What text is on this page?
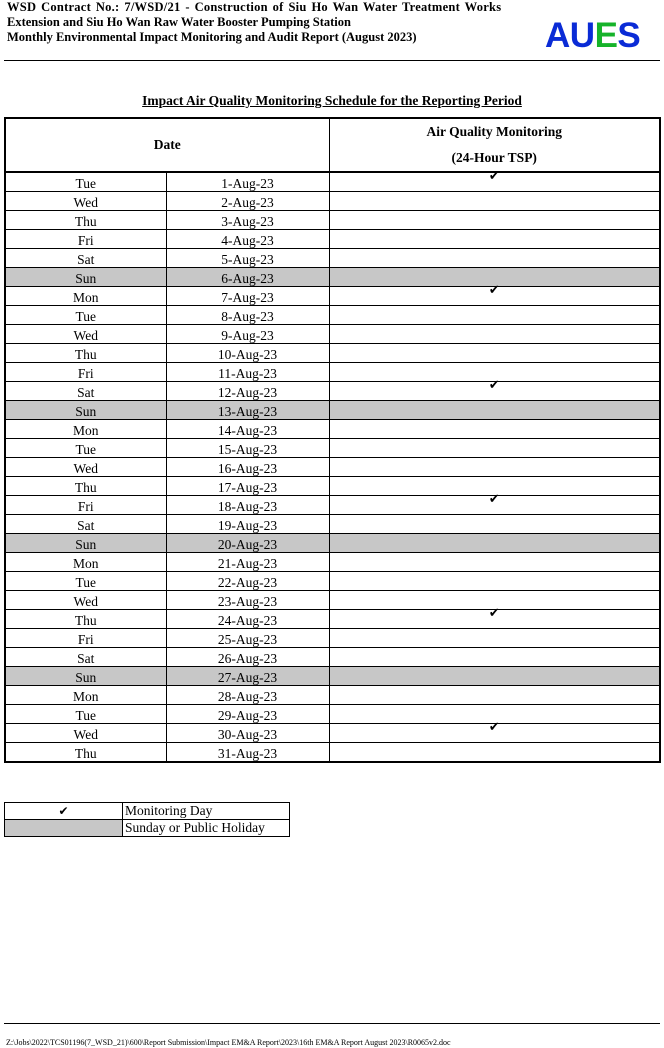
WSD Contract No.: 7/WSD/21 - Construction of Siu Ho Wan Water Treatment Works
Extension and Siu Ho Wan Raw Water Booster Pumping Station
Monthly Environmental Impact Monitoring and Audit Report (August 2023)	AUES
Impact Air Quality Monitoring Schedule for the Reporting Period
Date		Air Quality Monitoring
(24-Hour TSP)

Tue	1-Aug-23	✔
Wed	2-Aug-23	
Thu	3-Aug-23	
Fri	4-Aug-23	
Sat	5-Aug-23	
Sun	6-Aug-23	
Mon	7-Aug-23	✔
Tue	8-Aug-23	
Wed	9-Aug-23	
Thu	10-Aug-23	
Fri	11-Aug-23	
Sat	12-Aug-23	✔
Sun	13-Aug-23	
Mon	14-Aug-23	
Tue	15-Aug-23	
Wed	16-Aug-23	
Thu	17-Aug-23	
Fri	18-Aug-23	✔
Sat	19-Aug-23	
Sun	20-Aug-23	
Mon	21-Aug-23	
Tue	22-Aug-23	
Wed	23-Aug-23	
Thu	24-Aug-23	✔
Fri	25-Aug-23	
Sat	26-Aug-23	
Sun	27-Aug-23	
Mon	28-Aug-23	
Tue	29-Aug-23	
Wed	30-Aug-23	✔
Thu	31-Aug-23	
✔	Monitoring Day
	Sunday or Public Holiday
Z:\Jobs\2022\TCS01196(7_WSD_21)\600\Report Submission\Impact EM&A Report\2023\16th EM&A Report August 2023\R0065v2.doc
